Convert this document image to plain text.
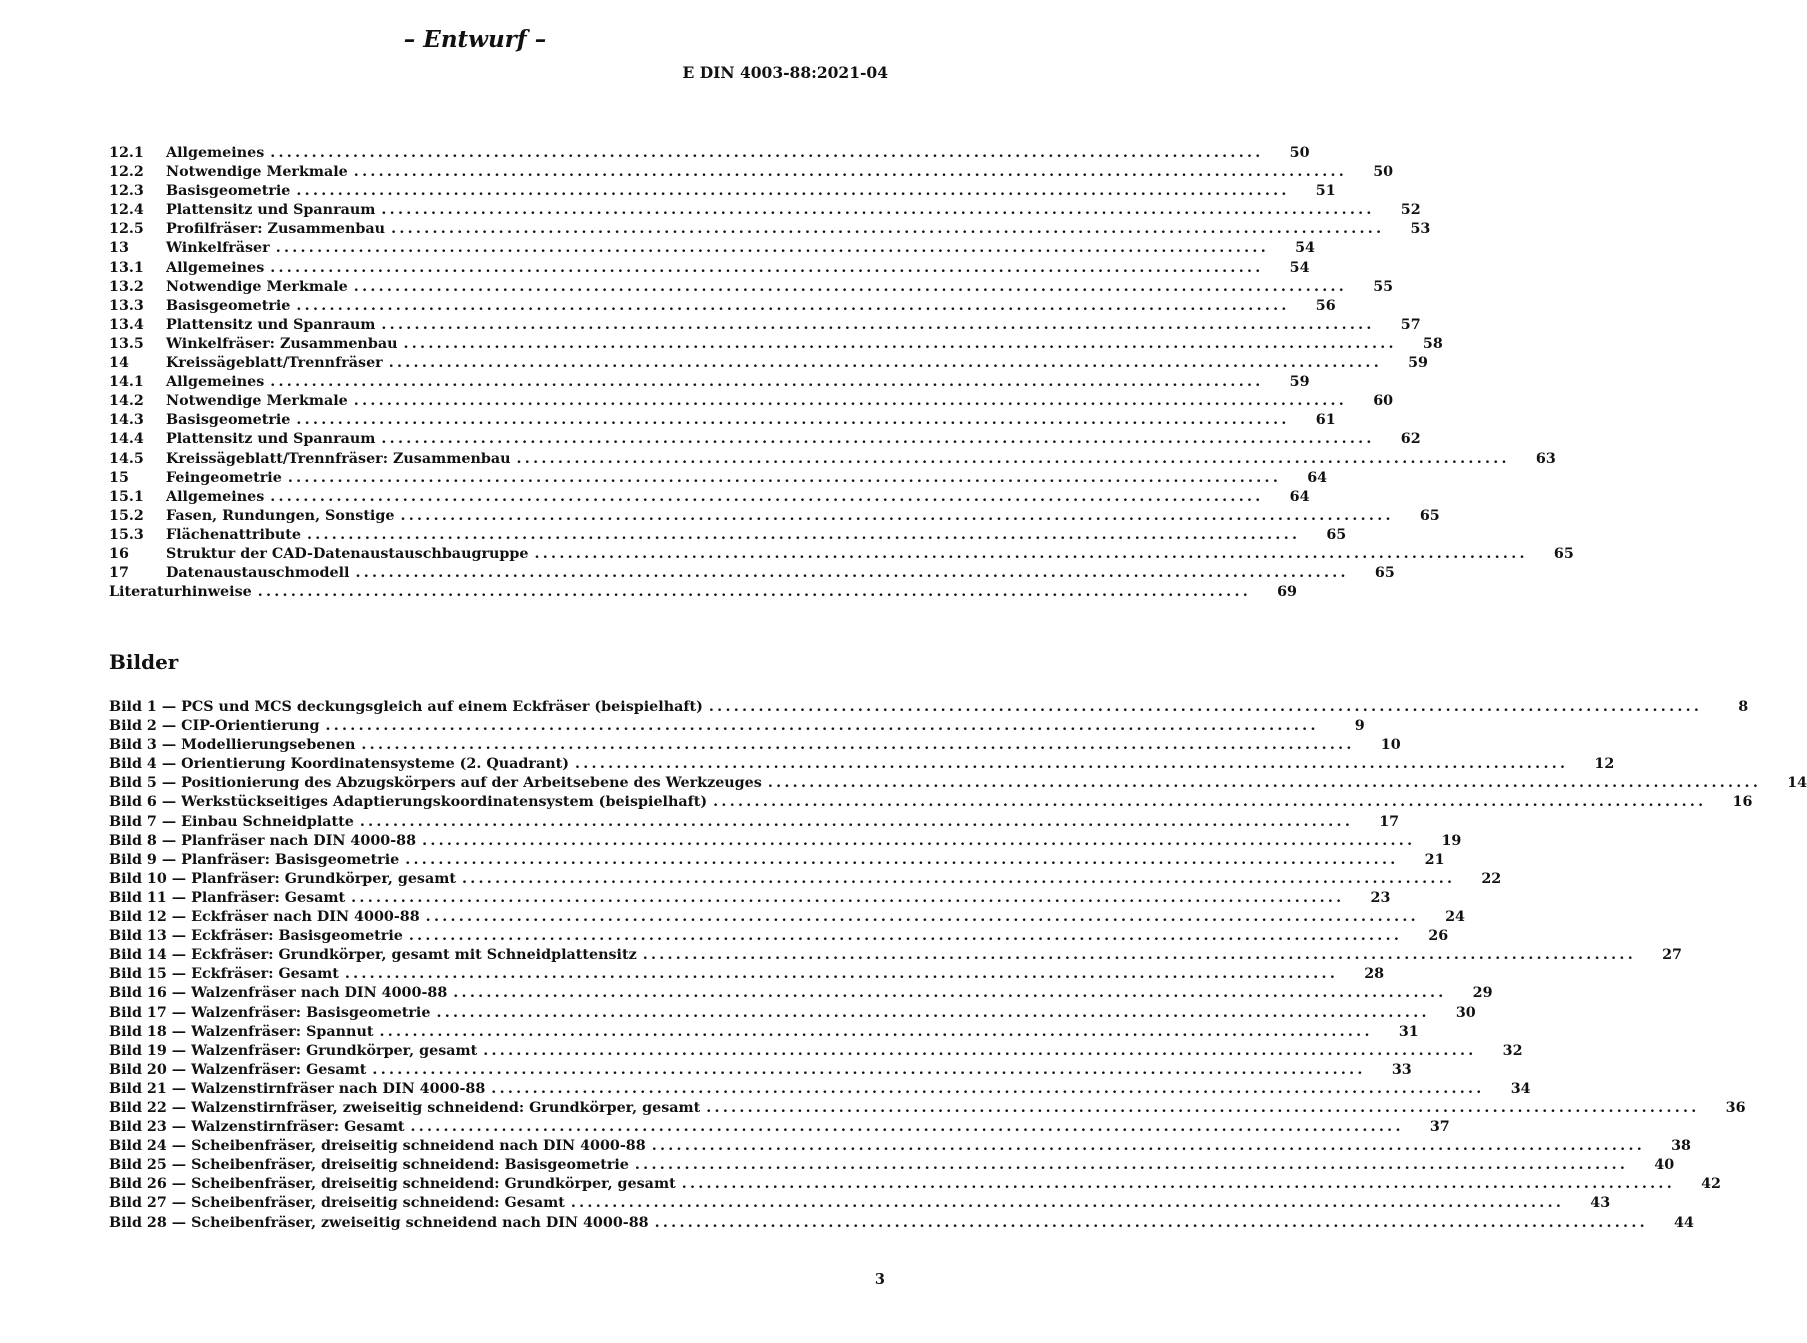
– Entwurf –
E DIN 4003-88:2021-04
12.1	Allgemeines ........................................................................................................................	50
12.2	Notwendige Merkmale ........................................................................................................................	50
12.3	Basisgeometrie ........................................................................................................................	51
12.4	Plattensitz und Spanraum ........................................................................................................................	52
12.5	Profilfräser: Zusammenbau ........................................................................................................................	53
13	Winkelfräser ........................................................................................................................	54
13.1	Allgemeines ........................................................................................................................	54
13.2	Notwendige Merkmale ........................................................................................................................	55
13.3	Basisgeometrie ........................................................................................................................	56
13.4	Plattensitz und Spanraum ........................................................................................................................	57
13.5	Winkelfräser: Zusammenbau ........................................................................................................................	58
14	Kreissägeblatt/Trennfräser ........................................................................................................................	59
14.1	Allgemeines ........................................................................................................................	59
14.2	Notwendige Merkmale ........................................................................................................................	60
14.3	Basisgeometrie ........................................................................................................................	61
14.4	Plattensitz und Spanraum ........................................................................................................................	62
14.5	Kreissägeblatt/Trennfräser: Zusammenbau ........................................................................................................................	63
15	Feingeometrie ........................................................................................................................	64
15.1	Allgemeines ........................................................................................................................	64
15.2	Fasen, Rundungen, Sonstige ........................................................................................................................	65
15.3	Flächenattribute ........................................................................................................................	65
16	Struktur der CAD-Datenaustauschbaugruppe ........................................................................................................................	65
17	Datenaustauschmodell ........................................................................................................................	65
Literaturhinweise ........................................................................................................................	69
Bilder
Bild 1 — PCS und MCS deckungsgleich auf einem Eckfräser (beispielhaft) ........................................................................................................................	8
Bild 2 — CIP-Orientierung ........................................................................................................................	9
Bild 3 — Modellierungsebenen ........................................................................................................................	10
Bild 4 — Orientierung Koordinatensysteme (2. Quadrant) ........................................................................................................................	12
Bild 5 — Positionierung des Abzugskörpers auf der Arbeitsebene des Werkzeuges ........................................................................................................................	14
Bild 6 — Werkstückseitiges Adaptierungskoordinatensystem (beispielhaft) ........................................................................................................................	16
Bild 7 — Einbau Schneidplatte ........................................................................................................................	17
Bild 8 — Planfräser nach DIN 4000-88 ........................................................................................................................	19
Bild 9 — Planfräser: Basisgeometrie ........................................................................................................................	21
Bild 10 — Planfräser: Grundkörper, gesamt ........................................................................................................................	22
Bild 11 — Planfräser: Gesamt ........................................................................................................................	23
Bild 12 — Eckfräser nach DIN 4000-88 ........................................................................................................................	24
Bild 13 — Eckfräser: Basisgeometrie ........................................................................................................................	26
Bild 14 — Eckfräser: Grundkörper, gesamt mit Schneidplattensitz ........................................................................................................................	27
Bild 15 — Eckfräser: Gesamt ........................................................................................................................	28
Bild 16 — Walzenfräser nach DIN 4000-88 ........................................................................................................................	29
Bild 17 — Walzenfräser: Basisgeometrie ........................................................................................................................	30
Bild 18 — Walzenfräser: Spannut ........................................................................................................................	31
Bild 19 — Walzenfräser: Grundkörper, gesamt ........................................................................................................................	32
Bild 20 — Walzenfräser: Gesamt ........................................................................................................................	33
Bild 21 — Walzenstirnfräser nach DIN 4000-88 ........................................................................................................................	34
Bild 22 — Walzenstirnfräser, zweiseitig schneidend: Grundkörper, gesamt ........................................................................................................................	36
Bild 23 — Walzenstirnfräser: Gesamt ........................................................................................................................	37
Bild 24 — Scheibenfräser, dreiseitig schneidend nach DIN 4000-88 ........................................................................................................................	38
Bild 25 — Scheibenfräser, dreiseitig schneidend: Basisgeometrie ........................................................................................................................	40
Bild 26 — Scheibenfräser, dreiseitig schneidend: Grundkörper, gesamt ........................................................................................................................	42
Bild 27 — Scheibenfräser, dreiseitig schneidend: Gesamt ........................................................................................................................	43
Bild 28 — Scheibenfräser, zweiseitig schneidend nach DIN 4000-88 ........................................................................................................................	44
3
